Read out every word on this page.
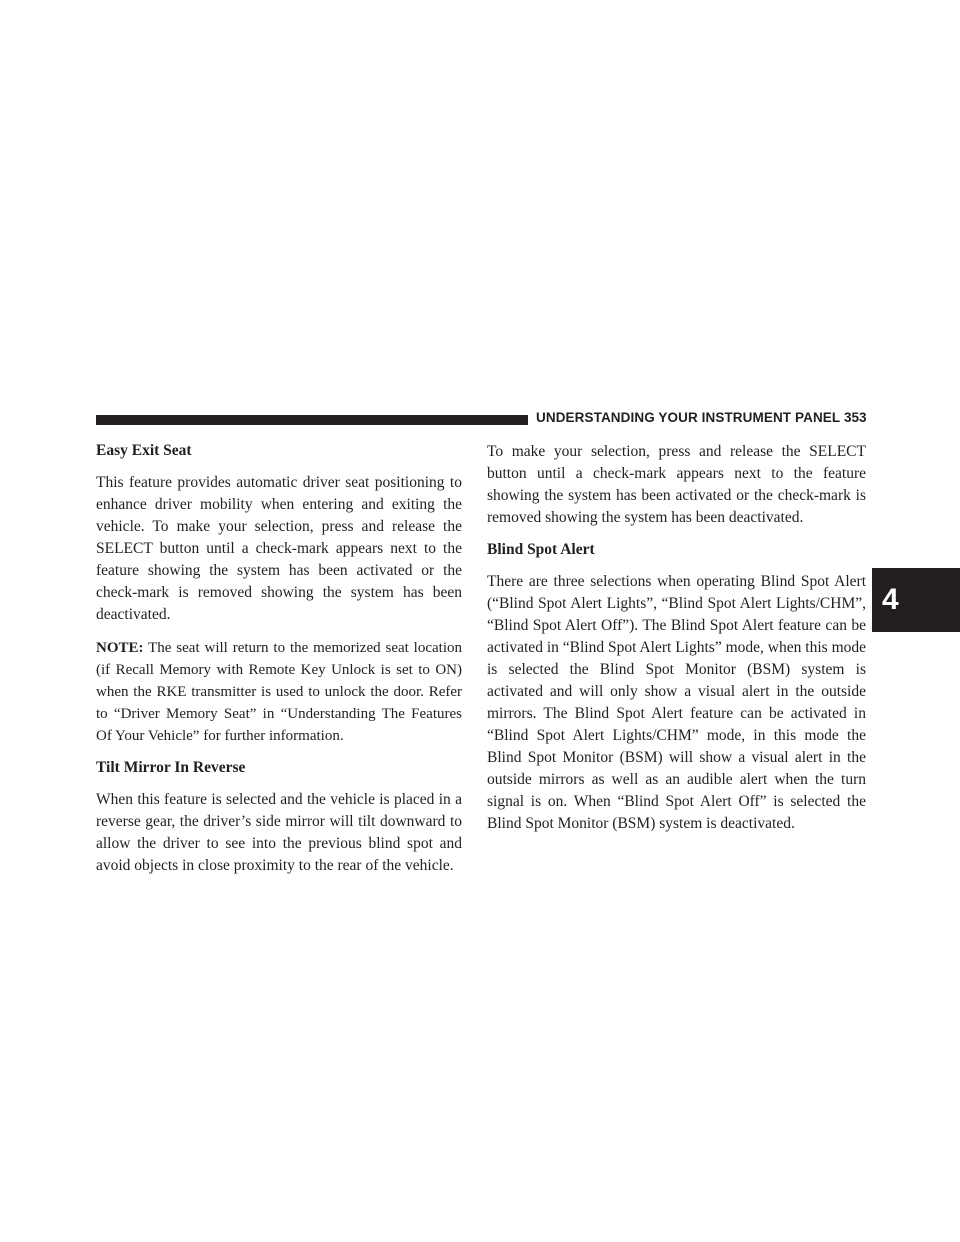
UNDERSTANDING YOUR INSTRUMENT PANEL 353
4
Easy Exit Seat

This feature provides automatic driver seat positioning to enhance driver mobility when entering and exiting the vehicle. To make your selection, press and release the SELECT button until a check-mark appears next to the feature showing the system has been activated or the check-mark is removed showing the system has been deactivated.

NOTE: The seat will return to the memorized seat location (if Recall Memory with Remote Key Unlock is set to ON) when the RKE transmitter is used to unlock the door. Refer to “Driver Memory Seat” in “Understanding The Features Of Your Vehicle” for further information.

Tilt Mirror In Reverse

When this feature is selected and the vehicle is placed in a reverse gear, the driver’s side mirror will tilt downward to allow the driver to see into the previous blind spot and avoid objects in close proximity to the rear of the vehicle.

To make your selection, press and release the SELECT button until a check-mark appears next to the feature showing the system has been activated or the check-mark is removed showing the system has been deactivated.

Blind Spot Alert

There are three selections when operating Blind Spot Alert (“Blind Spot Alert Lights”, “Blind Spot Alert Lights/CHM”, “Blind Spot Alert Off”). The Blind Spot Alert feature can be activated in “Blind Spot Alert Lights” mode, when this mode is selected the Blind Spot Monitor (BSM) system is activated and will only show a visual alert in the outside mirrors. The Blind Spot Alert feature can be activated in “Blind Spot Alert Lights/CHM” mode, in this mode the Blind Spot Monitor (BSM) will show a visual alert in the outside mirrors as well as an audible alert when the turn signal is on. When “Blind Spot Alert Off” is selected the Blind Spot Monitor (BSM) system is deactivated.
